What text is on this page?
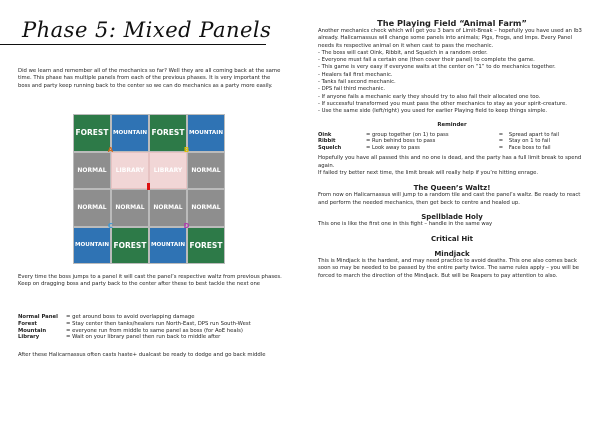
Phase 5: Mixed Panels

Did we learn and remember all of the mechanics so far? Well they are all coming back at the same time. This phase has multiple panels from each of the previous phases. It is very important the boss and party keep running back to the center so we can do mechanics as a party more easily.

FOREST MOUNTAIN FOREST MOUNTAIN
NORMAL	LIBRARY	LIBRARY	NORMAL
NORMAL	NORMAL	NORMAL	NORMAL
MOUNTAIN FOREST MOUNTAIN FOREST
A	B
C	D

Every time the boss jumps to a panel it will cast the panel’s respective waltz from previous phases.

Keep on dragging boss and party back to the center after these to best tackle the next one

Normal Panel	= get around boss to avoid overlapping damage
Forest	= Stay center then tanks/healers run North-East, DPS run South-West
Mountain	= everyone run from middle to same panel as boss (for AoE heals)
Library	= Wait on your library panel then run back to middle after

After these Halicarnassus often casts haste+ dualcast be ready to dodge and go back middle

The Playing Field “Animal Farm”

Another mechanics check which will get you 3 bars of Limit-Break – hopefully you have used an lb3 already. Halicarnassus will change some panels into animals; Pigs, Frogs, and Imps. Every Panel needs its respective animal on it when cast to pass the mechanic.

- The boss will cast Oink, Ribbit, and Squelch in a random order.
- Everyone must fail a certain one (then cover their panel) to complete the game.
- This game is very easy if everyone waits at the center on “1” to do mechanics together.
- Healers fail first mechanic.
- Tanks fail second mechanic.
- DPS fail third mechanic.
- If anyone fails a mechanic early they should try to also fail their allocated one too.
- If successful transformed you must pass the other mechanics to stay as your spirit-creature.
- Use the same side (left/right) you used for earlier Playing field to keep things simple.

Reminder

Oink	= group together (on 1) to pass	=	Spread apart to fail
Ribbit	= Run behind boss to pass	=	Stay on 1 to fail
Squelch	= Look away to pass	=	Face boss to fail

Hopefully you have all passed this and no one is dead, and the party has a full limit break to spend again.

If failed try better next time, the limit break will really help if you’re hitting enrage.

The Queen’s Waltz!

From now on Halicarnassus will jump to a random tile and cast the panel’s waltz. Be ready to react and perform the needed mechanics, then get beck to centre and healed up.

Spellblade Holy

This one is like the first one in this fight – handle in the same way

Critical Hit

Mindjack

This is Mindjack is the hardest, and may need practice to avoid deaths. This one also comes back soon so may be needed to be passed by the entire party twice. The same rules apply – you will be forced to march the direction of the Mindjack. But will be Reapers to pay attention to also.
